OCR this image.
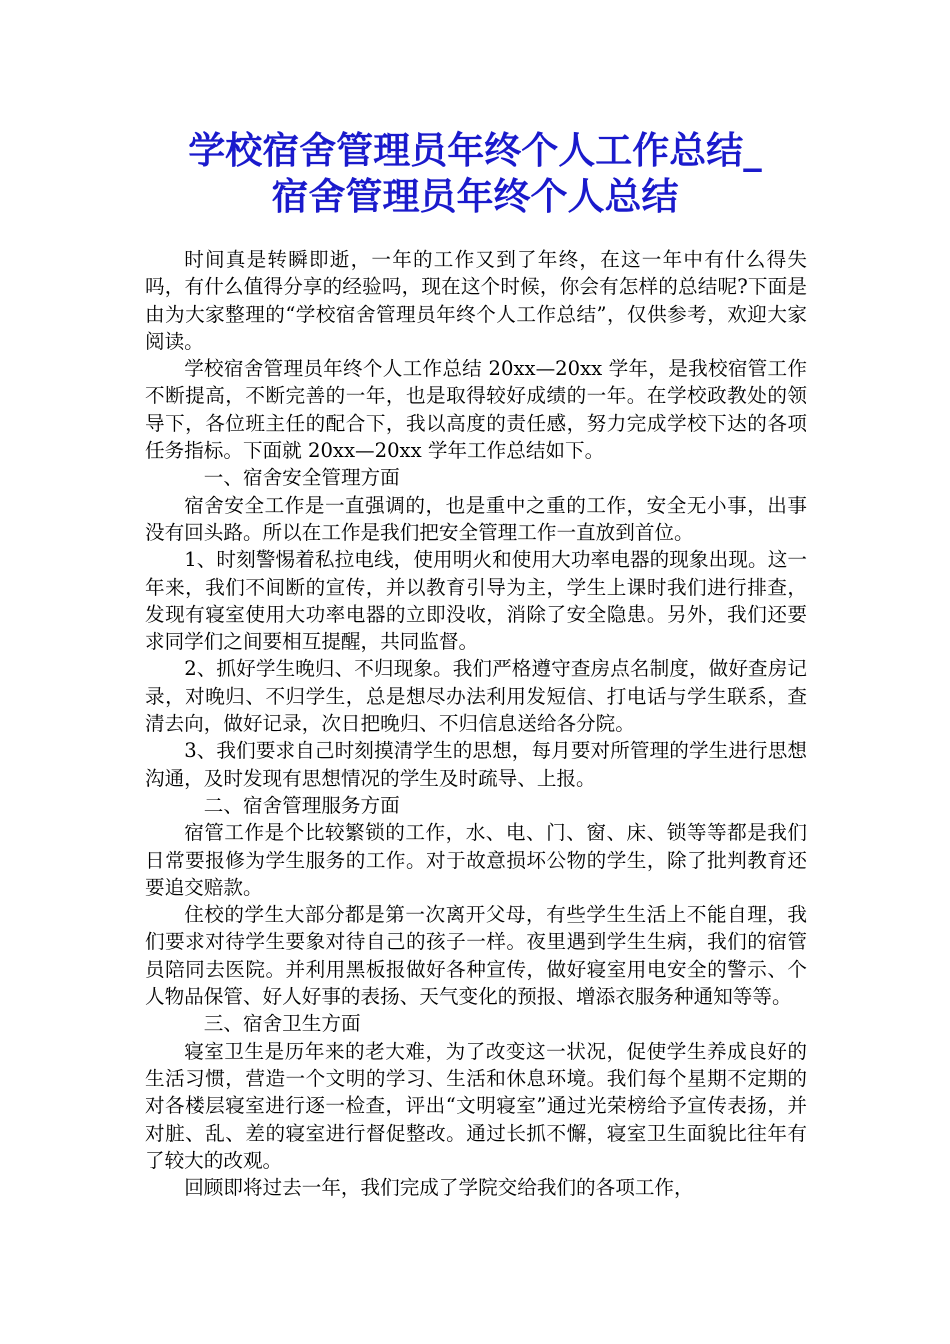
学校宿舍管理员年终个人工作总结_
宿舍管理员年终个人总结

时间真是转瞬即逝，一年的工作又到了年终，在这一年中有什么得失吗，有什么值得分享的经验吗，现在这个时候，你会有怎样的总结呢?下面是由为大家整理的“学校宿舍管理员年终个人工作总结”，仅供参考，欢迎大家阅读。

学校宿舍管理员年终个人工作总结 20xx—20xx 学年，是我校宿管工作不断提高，不断完善的一年，也是取得较好成绩的一年。在学校政教处的领导下，各位班主任的配合下，我以高度的责任感，努力完成学校下达的各项任务指标。下面就 20xx—20xx 学年工作总结如下。

一、宿舍安全管理方面

宿舍安全工作是一直强调的，也是重中之重的工作，安全无小事，出事没有回头路。所以在工作是我们把安全管理工作一直放到首位。

1、时刻警惕着私拉电线，使用明火和使用大功率电器的现象出现。这一年来，我们不间断的宣传，并以教育引导为主，学生上课时我们进行排查，发现有寝室使用大功率电器的立即没收，消除了安全隐患。另外，我们还要求同学们之间要相互提醒，共同监督。

2、抓好学生晚归、不归现象。我们严格遵守查房点名制度，做好查房记录，对晚归、不归学生，总是想尽办法利用发短信、打电话与学生联系，查清去向，做好记录，次日把晚归、不归信息送给各分院。

3、我们要求自己时刻摸清学生的思想，每月要对所管理的学生进行思想沟通，及时发现有思想情况的学生及时疏导、上报。

二、宿舍管理服务方面

宿管工作是个比较繁锁的工作，水、电、门、窗、床、锁等等都是我们日常要报修为学生服务的工作。对于故意损坏公物的学生，除了批判教育还要追交赔款。

住校的学生大部分都是第一次离开父母，有些学生生活上不能自理，我们要求对待学生要象对待自己的孩子一样。夜里遇到学生生病，我们的宿管员陪同去医院。并利用黑板报做好各种宣传，做好寝室用电安全的警示、个人物品保管、好人好事的表扬、天气变化的预报、增添衣服务种通知等等。

三、宿舍卫生方面

寝室卫生是历年来的老大难，为了改变这一状况，促使学生养成良好的生活习惯，营造一个文明的学习、生活和休息环境。我们每个星期不定期的对各楼层寝室进行逐一检查，评出“文明寝室”通过光荣榜给予宣传表扬，并对脏、乱、差的寝室进行督促整改。通过长抓不懈，寝室卫生面貌比往年有了较大的改观。

回顾即将过去一年，我们完成了学院交给我们的各项工作，
